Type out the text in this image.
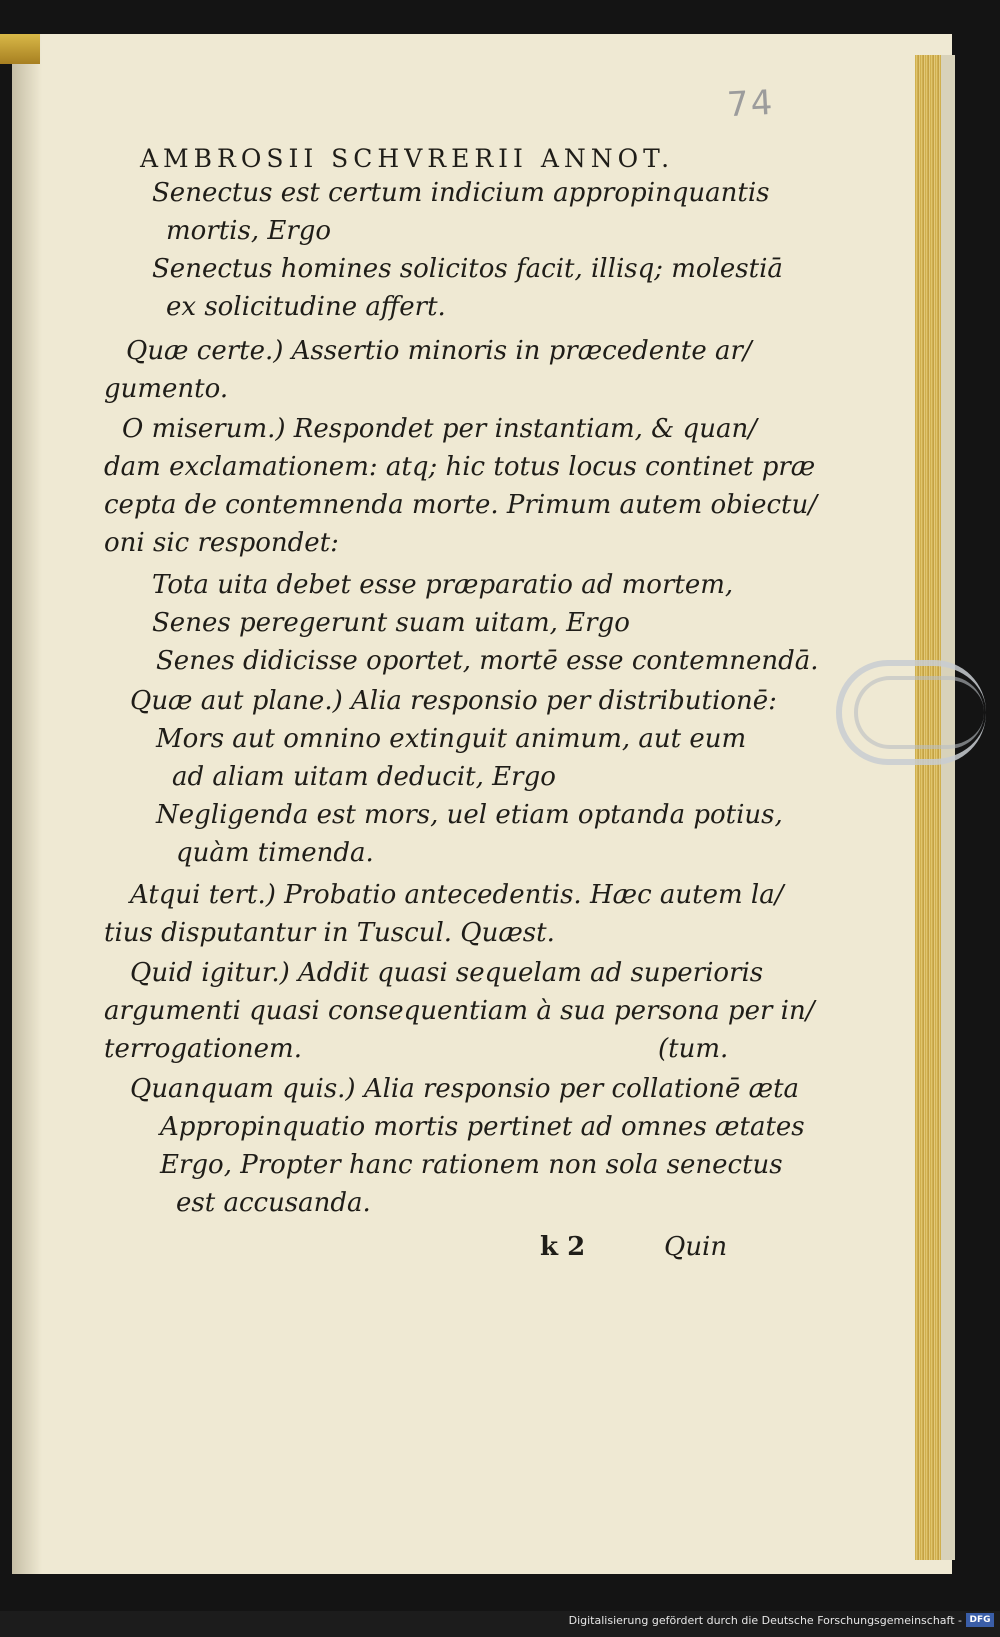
74
AMBROSII SCHVRERII ANNOT.
Senectus est certum indicium appropinquantis
mortis, Ergo
Senectus homines solicitos facit, illisq; molestiā
ex solicitudine affert.
Quæ certe.) Assertio minoris in præcedente ar/
gumento.
O miserum.) Respondet per instantiam, & quan/
dam exclamationem: atq; hic totus locus continet præ
cepta de contemnenda morte. Primum autem obiectu/
oni sic respondet:
Tota uita debet esse præparatio ad mortem,
Senes peregerunt suam uitam, Ergo
Senes didicisse oportet, mortē esse contemnendā.
Quæ aut plane.) Alia responsio per distributionē:
Mors aut omnino extinguit animum, aut eum
ad aliam uitam deducit, Ergo
Negligenda est mors, uel etiam optanda potius,
quàm timenda.
Atqui tert.) Probatio antecedentis. Hæc autem la/
tius disputantur in Tuscul. Quæst.
Quid igitur.) Addit quasi sequelam ad superioris
argumenti quasi consequentiam à sua persona per in/
terrogationem.	(tum.
Quanquam quis.) Alia responsio per collationē æta
Appropinquatio mortis pertinet ad omnes ætates
Ergo, Propter hanc rationem non sola senectus
est accusanda.
k 2	Quin
Digitalisierung gefördert durch die Deutsche Forschungsgemeinschaft - DFG
